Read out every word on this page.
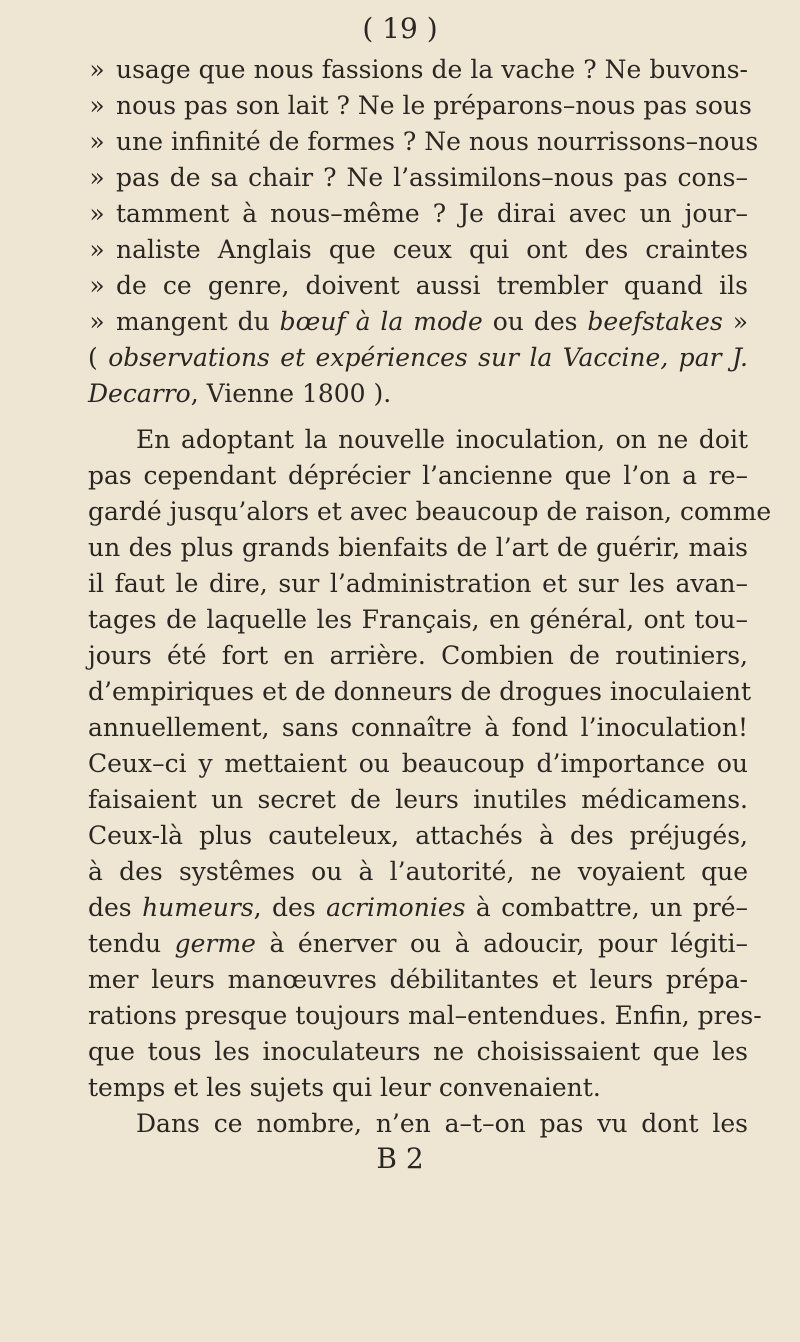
( 19 )
» usage que nous fassions de la vache ? Ne buvons-
» nous pas son lait ? Ne le préparons–nous pas sous
» une infinité de formes ? Ne nous nourrissons–nous
» pas de sa chair ? Ne l’assimilons–nous pas cons–
» tamment à nous–même ? Je dirai avec un jour–
» naliste Anglais que ceux qui ont des craintes
» de ce genre, doivent aussi trembler quand ils
» mangent du bœuf à la mode ou des beefstakes »
( observations et expériences sur la Vaccine, par J.
Decarro, Vienne 1800 ).
En adoptant la nouvelle inoculation, on ne doit
pas cependant déprécier l’ancienne que l’on a re–
gardé jusqu’alors et avec beaucoup de raison, comme
un des plus grands bienfaits de l’art de guérir, mais
il faut le dire, sur l’administration et sur les avan–
tages de laquelle les Français, en général, ont tou–
jours été fort en arrière. Combien de routiniers,
d’empiriques et de donneurs de drogues inoculaient
annuellement, sans connaître à fond l’inoculation!
Ceux–ci y mettaient ou beaucoup d’importance ou
faisaient un secret de leurs inutiles médicamens.
Ceux-là plus cauteleux, attachés à des préjugés,
à des systêmes ou à l’autorité, ne voyaient que
des humeurs, des acrimonies à combattre, un pré–
tendu germe à énerver ou à adoucir, pour légiti–
mer leurs manœuvres débilitantes et leurs prépa-
rations presque toujours mal–entendues. Enfin, pres-
que tous les inoculateurs ne choisissaient que les
temps et les sujets qui leur convenaient.
Dans ce nombre, n’en a–t–on pas vu dont les
B 2
